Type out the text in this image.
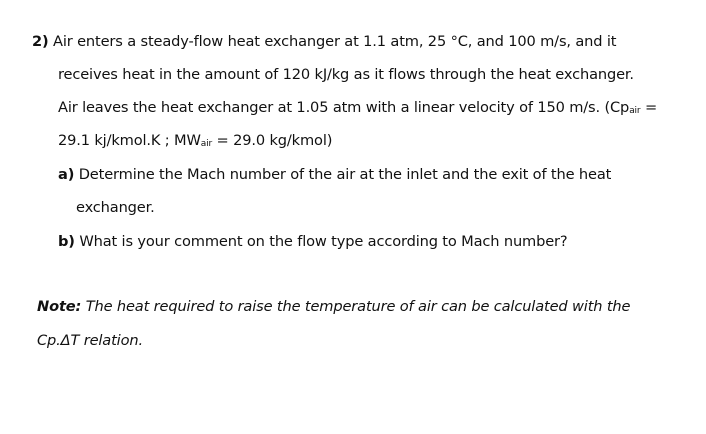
2) Air enters a steady-flow heat exchanger at 1.1 atm, 25 °C, and 100 m/s, and it
receives heat in the amount of 120 kJ/kg as it flows through the heat exchanger.
Air leaves the heat exchanger at 1.05 atm with a linear velocity of 150 m/s. (Cpair =
29.1 kj/kmol.K ; MWair = 29.0 kg/kmol)
a) Determine the Mach number of the air at the inlet and the exit of the heat
exchanger.
b) What is your comment on the flow type according to Mach number?
Note: The heat required to raise the temperature of air can be calculated with the
Cp.ΔT relation.
